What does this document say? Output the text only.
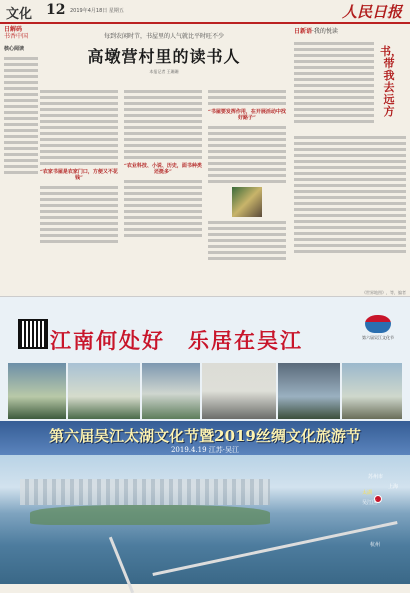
文化 12 2019年4月18日 星期五	人民日报
日解码
书香中国
核心阅读
每到农闲时节，书屋里的人气就比平时旺不少
高墩营村里的读书人
本报记者 王珊珊
“农家书屋是农家门口，方便又不花钱”
“农业科技、小说、历史，面书种类还挺多”
“书屋要发挥作用，在开展活动中找好路子”
日新语·我的悦读
书，带我去远方
《世界地图》，等，编者
江南何处好　乐居在吴江	第六届吴江文化节
第六届吴江太湖文化节暨2019丝绸文化旅游节
2019.4.19 江苏·吴江
苏州市
太湖
吴江区
上海
杭州
